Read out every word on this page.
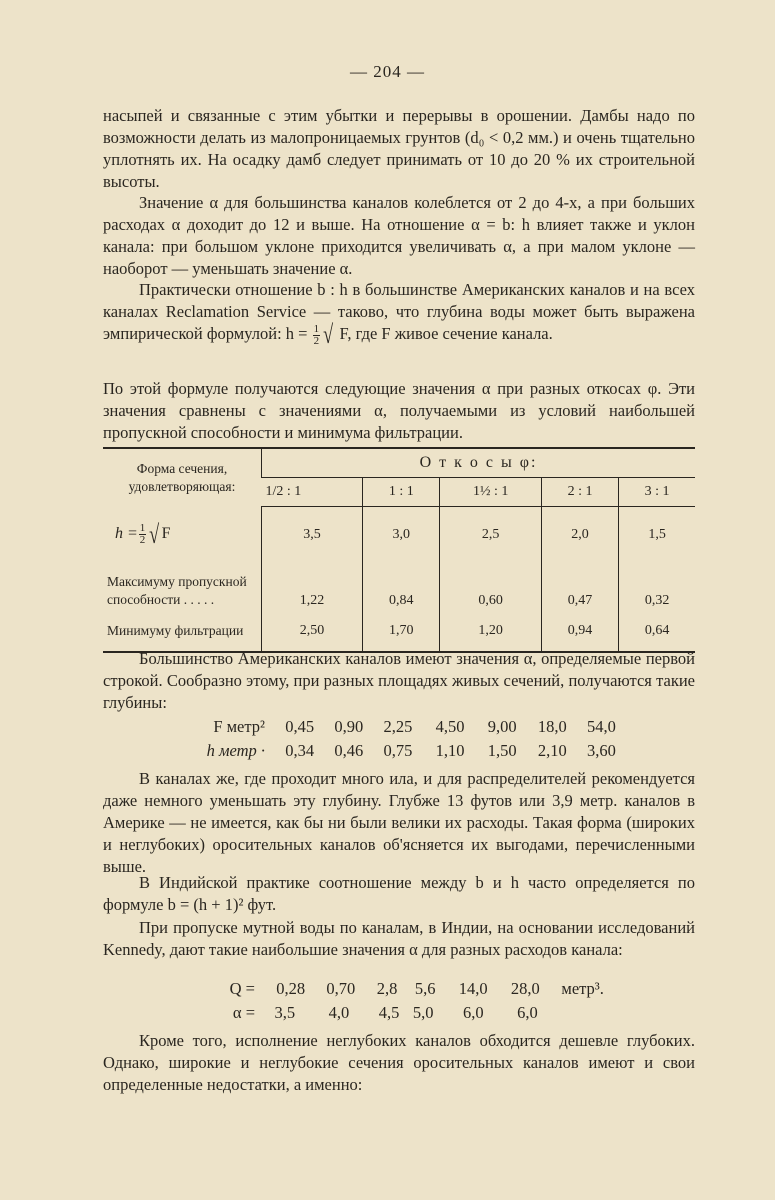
— 204 —
насыпей и связанные с этим убытки и перерывы в орошении. Дамбы надо по возможности делать из малопроницаемых грунтов (d₀ < 0,2 мм.) и очень тщательно уплотнять их. На осадку дамб следует принимать от 10 до 20 % их строительной высоты.
Значение α для большинства каналов колеблется от 2 до 4-х, а при больших расходах α доходит до 12 и выше. На отношение α = b: h влияет также и уклон канала: при большом уклоне приходится увеличивать α, а при малом уклоне — наоборот — уменьшать значение α.
Практически отношение b : h в большинстве Американских каналов и на всех каналах Reclamation Service — таково, что глубина воды может быть выражена эмпирической формулой: $h = \frac{1}{2}$ √ F, где F живое сечение канала.
По этой формуле получаются следующие значения α при разных откосах φ. Эти значения сравнены с значениями α, получаемыми из условий наибольшей пропускной способности и минимума фильтрации.
Форма сечения, удовлетворяющая:	О т к о с ы φ:				
	1/2 : 1	1 : 1	1½ : 1	2 : 1	3 : 1
$h = \frac{1}{2}$ √ F	3,5	3,0	2,5	2,0	1,5
Максимуму пропускной способности . . . . .	1,22	0,84	0,60	0,47	0,32
Минимуму фильтрации	2,50	1,70	1,20	0,94	0,64
Большинство Американских каналов имеют значения α, определяемые первой строкой. Сообразно этому, при разных площадях живых сечений, получаются такие глубины:
F метр² 0,45 0,90 2,25 4,50 9,00 18,0 54,0
h метр · 0,34 0,46 0,75 1,10 1,50 2,10 3,60
В каналах же, где проходит много ила, и для распределителей рекомендуется даже немного уменьшать эту глубину. Глубже 13 футов или 3,9 метр. каналов в Америке — не имеется, как бы ни были велики их расходы. Такая форма (широких и неглубоких) оросительных каналов об'ясняется их выгодами, перечисленными выше.
В Индийской практике соотношение между b и h часто определяется по формуле b = (h + 1)² фут.
При пропуске мутной воды по каналам, в Индии, на основании исследований Kennedy, дают такие наибольшие значения α для разных расходов канала:
Q = 0,28 0,70 2,8 5,6 14,0 28,0 метр³.
α = 3,5 4,0 4,5 5,0 6,0 6,0
Кроме того, исполнение неглубоких каналов обходится дешевле глубоких. Однако, широкие и неглубокие сечения оросительных каналов имеют и свои определенные недостатки, а именно:
